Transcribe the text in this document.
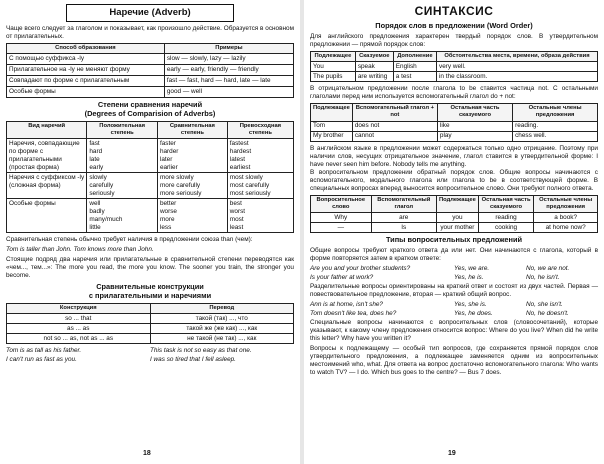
Наречие (Adverb)

Чаще всего следует за глаголом и показывает, как произошло действие. Образуется в основном от прилагательных.

Способ образования	Примеры
С помощью суффикса -ly	slow — slowly, lazy — lazily
Прилагательное на -ly не меняют форму	early — early, friendly — friendly
Совпадают по форме с прилагательным	fast — fast, hard — hard, late — late
Особые формы	good — well
Степени сравнения наречий
(Degrees of Comparision of Adverbs)
Вид наречий	Положительная степень	Сравнительная степень	Превосходная степень
Наречия, совпадающие по форме с прилагательными (простая форма)	fast
hard
late
early	faster
harder
later
earlier	fastest
hardest
latest
earliest
Наречия с суффиксом -ly (сложная форма)	slowly
carefully
seriously	more slowly
more carefully
more seriously	most slowly
most carefully
most seriously
Особые формы	well
badly
many/much
little	better
worse
more
less	best
worst
most
least

Сравнительная степень обычно требует наличия в предложении союза than (чем):

Tom is taller than John. Tom knows more than John.

Стоящие подряд два наречия или прилагательные в сравнительной степени переводятся как «чем..., тем...»: The more you read, the more you know. The sooner you train, the stronger you become.

Сравнительные конструкции
с прилагательными и наречиями
Конструкция	Перевод
so ... that	такой (так) ..., что
as ... as	такой же (же как) ..., как
not so ... as, not as ... as	не такой (не так) ..., как
Tom is as tall as his father.	This task is not so easy as that one.
I can't run as fast as you.	I was so tired that I fell asleep.
18
СИНТАКСИС
Порядок слов в предложении (Word Order)

Для английского предложения характерен твердый порядок слов. В утвердительном предложении — прямой порядок слов:

Подлежащее	Сказуемое	Дополнение	Обстоятельства места, времени, образа действия
You	speak	English	very well.
The pupils	are writing	a test	in the classroom.

В отрицательном предложении после глагола to be ставится частица not. С остальными глаголами перед ним используется вспомогательный глагол do + not:

Подлежащее	Вспомогательный глагол + not	Остальная часть сказуемого	Остальные члены предложения
Tom	does not	like	reading.
My brother	cannot	play	chess well.

В английском языке в предложении может содержаться только одно отрицание. Поэтому при наличии слов, несущих отрицательное значение, глагол ставится в утвердительной форме: I have never seen him before. Nobody tells me anything.
В вопросительном предложении обратный порядок слов. Общие вопросы начинаются с вспомогательного, модального глагола или глагола to be в соответствующей форме. В специальных вопросах вперед выносится вопросительное слово. Они требуют полного ответа.

Вопросительное слово	Вспомогательный глагол	Подлежащее	Остальная часть сказуемого	Остальные члены предложения
Why	are	you	reading	a book?
—	Is	your mother	cooking	at home now?
Типы вопросительных предложений

Общие вопросы требуют краткого ответа да или нет. Они начинаются с глагола, который в форме повторяется затем в кратком ответе:

Are you and your brother students?	Yes, we are.	No, we are not.
Is your father at work?	Yes, he is.	No, he isn't.

Разделительные вопросы ориентированы на краткий ответ и состоят из двух частей. Первая — повествовательное предложение, вторая — краткий общий вопрос.

Ann is at home, isn't she?	Yes, she is.	No, she isn't.
Tom doesn't like tea, does he?	Yes, he does.	No, he doesn't.

Специальные вопросы начинаются с вопросительных слов (словосочетаний), которые указывают, к какому члену предложения относится вопрос: Where do you live? When did he write this letter? Why have you written it?

Вопросы к подлежащему — особый тип вопросов, где сохраняется прямой порядок слов утвердительного предложения, а подлежащее заменяется одним из вопросительных местоимений who, what. Для ответа на вопрос достаточно вспомогательного глагола: Who wants to watch TV? — I do. Which bus goes to the centre? — Bus 7 does.

19
